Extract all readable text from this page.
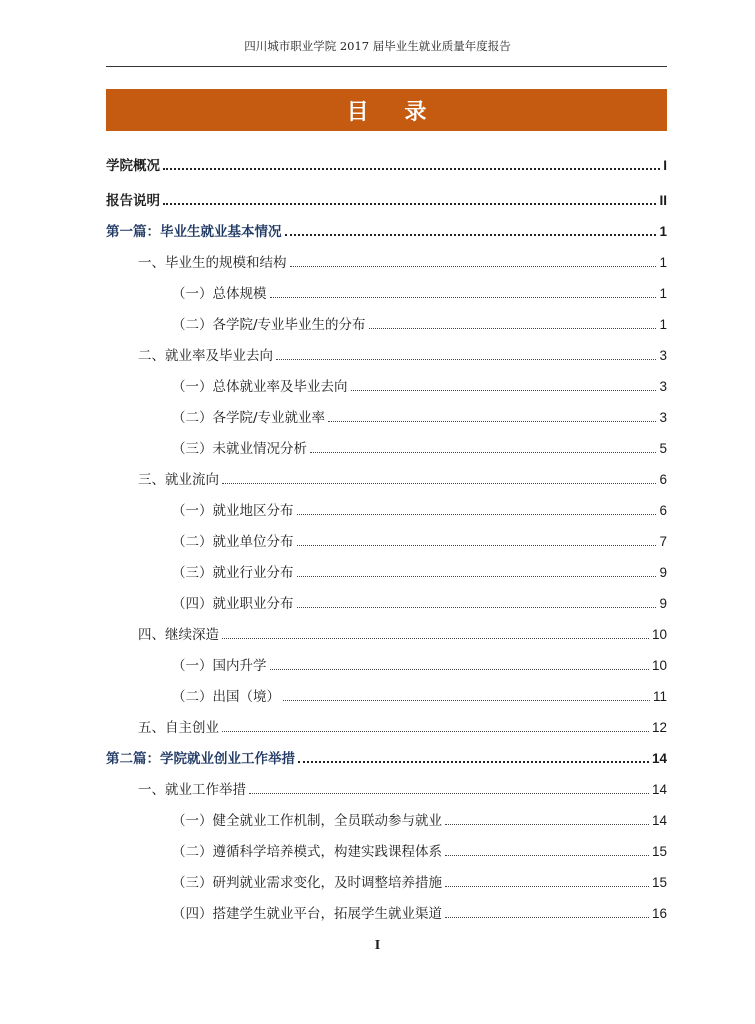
四川城市职业学院 2017 届毕业生就业质量年度报告
目 录
学院概况	I
报告说明	II
第一篇：毕业生就业基本情况	1
一、毕业生的规模和结构	1
（一）总体规模	1
（二）各学院/专业毕业生的分布	1
二、就业率及毕业去向	3
（一）总体就业率及毕业去向	3
（二）各学院/专业就业率	3
（三）未就业情况分析	5
三、就业流向	6
（一）就业地区分布	6
（二）就业单位分布	7
（三）就业行业分布	9
（四）就业职业分布	9
四、继续深造	10
（一）国内升学	10
（二）出国（境）	11
五、自主创业	12
第二篇：学院就业创业工作举措	14
一、就业工作举措	14
（一）健全就业工作机制，全员联动参与就业	14
（二）遵循科学培养模式，构建实践课程体系	15
（三）研判就业需求变化，及时调整培养措施	15
（四）搭建学生就业平台，拓展学生就业渠道	16
I
